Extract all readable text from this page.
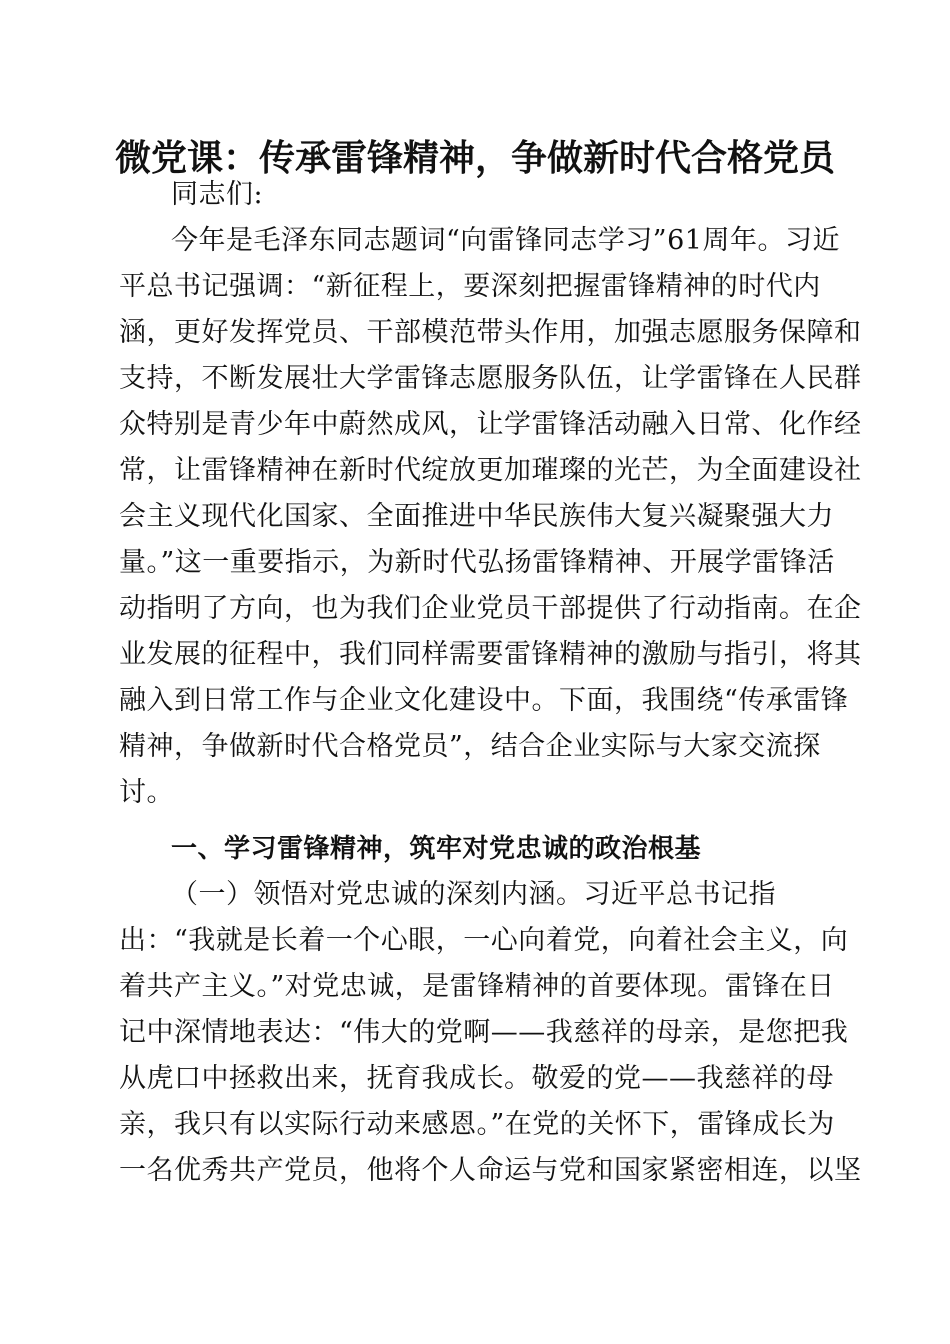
微党课：传承雷锋精神，争做新时代合格党员
同志们:
今年是毛泽东同志题词“向雷锋同志学习”61周年。习近
平总书记强调：“新征程上，要深刻把握雷锋精神的时代内
涵，更好发挥党员、干部模范带头作用，加强志愿服务保障和
支持，不断发展壮大学雷锋志愿服务队伍，让学雷锋在人民群
众特别是青少年中蔚然成风，让学雷锋活动融入日常、化作经
常，让雷锋精神在新时代绽放更加璀璨的光芒，为全面建设社
会主义现代化国家、全面推进中华民族伟大复兴凝聚强大力
量。”这一重要指示，为新时代弘扬雷锋精神、开展学雷锋活
动指明了方向，也为我们企业党员干部提供了行动指南。在企
业发展的征程中，我们同样需要雷锋精神的激励与指引，将其
融入到日常工作与企业文化建设中。下面，我围绕“传承雷锋
精神，争做新时代合格党员”，结合企业实际与大家交流探
讨。
一、学习雷锋精神，筑牢对党忠诚的政治根基
（一）领悟对党忠诚的深刻内涵。习近平总书记指
出：“我就是长着一个心眼，一心向着党，向着社会主义，向
着共产主义。”对党忠诚，是雷锋精神的首要体现。雷锋在日
记中深情地表达：“伟大的党啊——我慈祥的母亲，是您把我
从虎口中拯救出来，抚育我成长。敬爱的党——我慈祥的母
亲，我只有以实际行动来感恩。”在党的关怀下，雷锋成长为
一名优秀共产党员，他将个人命运与党和国家紧密相连，以坚
